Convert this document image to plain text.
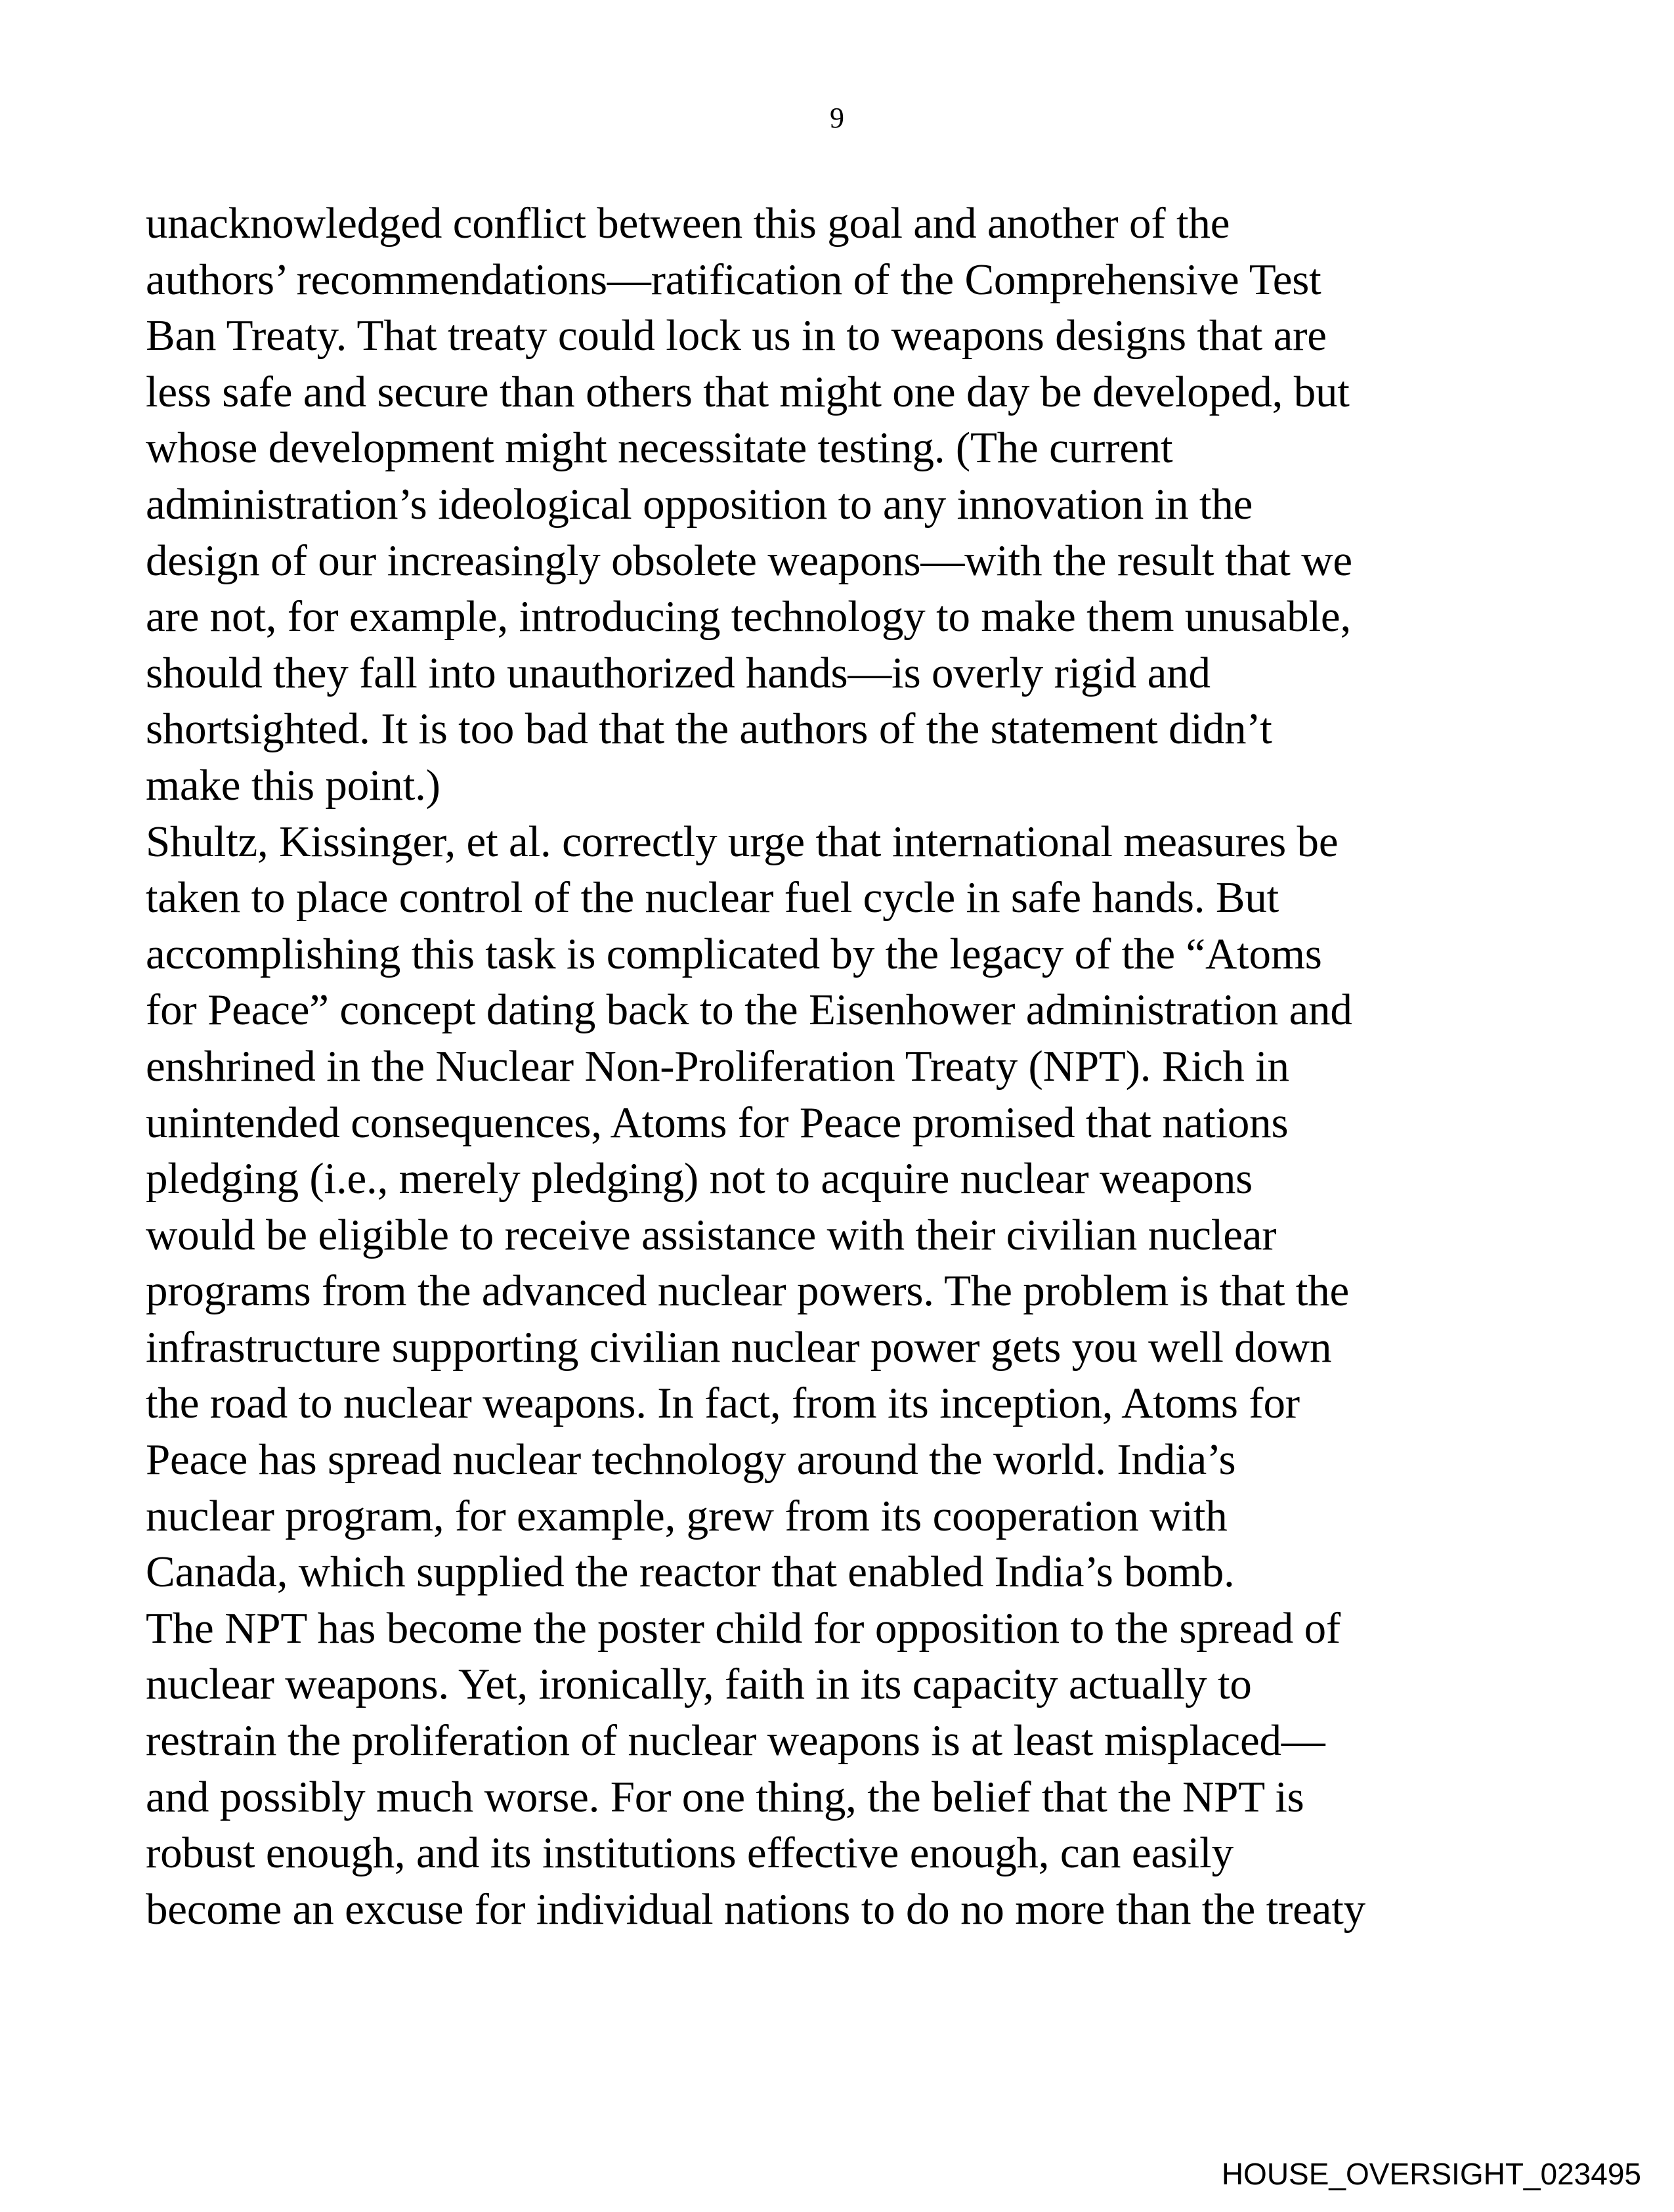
9
unacknowledged conflict between this goal and another of the
authors’ recommendations—ratification of the Comprehensive Test
Ban Treaty. That treaty could lock us in to weapons designs that are
less safe and secure than others that might one day be developed, but
whose development might necessitate testing. (The current
administration’s ideological opposition to any innovation in the
design of our increasingly obsolete weapons—with the result that we
are not, for example, introducing technology to make them unusable,
should they fall into unauthorized hands—is overly rigid and
shortsighted. It is too bad that the authors of the statement didn’t
make this point.)
Shultz, Kissinger, et al. correctly urge that international measures be
taken to place control of the nuclear fuel cycle in safe hands. But
accomplishing this task is complicated by the legacy of the “Atoms
for Peace” concept dating back to the Eisenhower administration and
enshrined in the Nuclear Non-Proliferation Treaty (NPT). Rich in
unintended consequences, Atoms for Peace promised that nations
pledging (i.e., merely pledging) not to acquire nuclear weapons
would be eligible to receive assistance with their civilian nuclear
programs from the advanced nuclear powers. The problem is that the
infrastructure supporting civilian nuclear power gets you well down
the road to nuclear weapons. In fact, from its inception, Atoms for
Peace has spread nuclear technology around the world. India’s
nuclear program, for example, grew from its cooperation with
Canada, which supplied the reactor that enabled India’s bomb.
The NPT has become the poster child for opposition to the spread of
nuclear weapons. Yet, ironically, faith in its capacity actually to
restrain the proliferation of nuclear weapons is at least misplaced—
and possibly much worse. For one thing, the belief that the NPT is
robust enough, and its institutions effective enough, can easily
become an excuse for individual nations to do no more than the treaty
HOUSE_OVERSIGHT_023495
